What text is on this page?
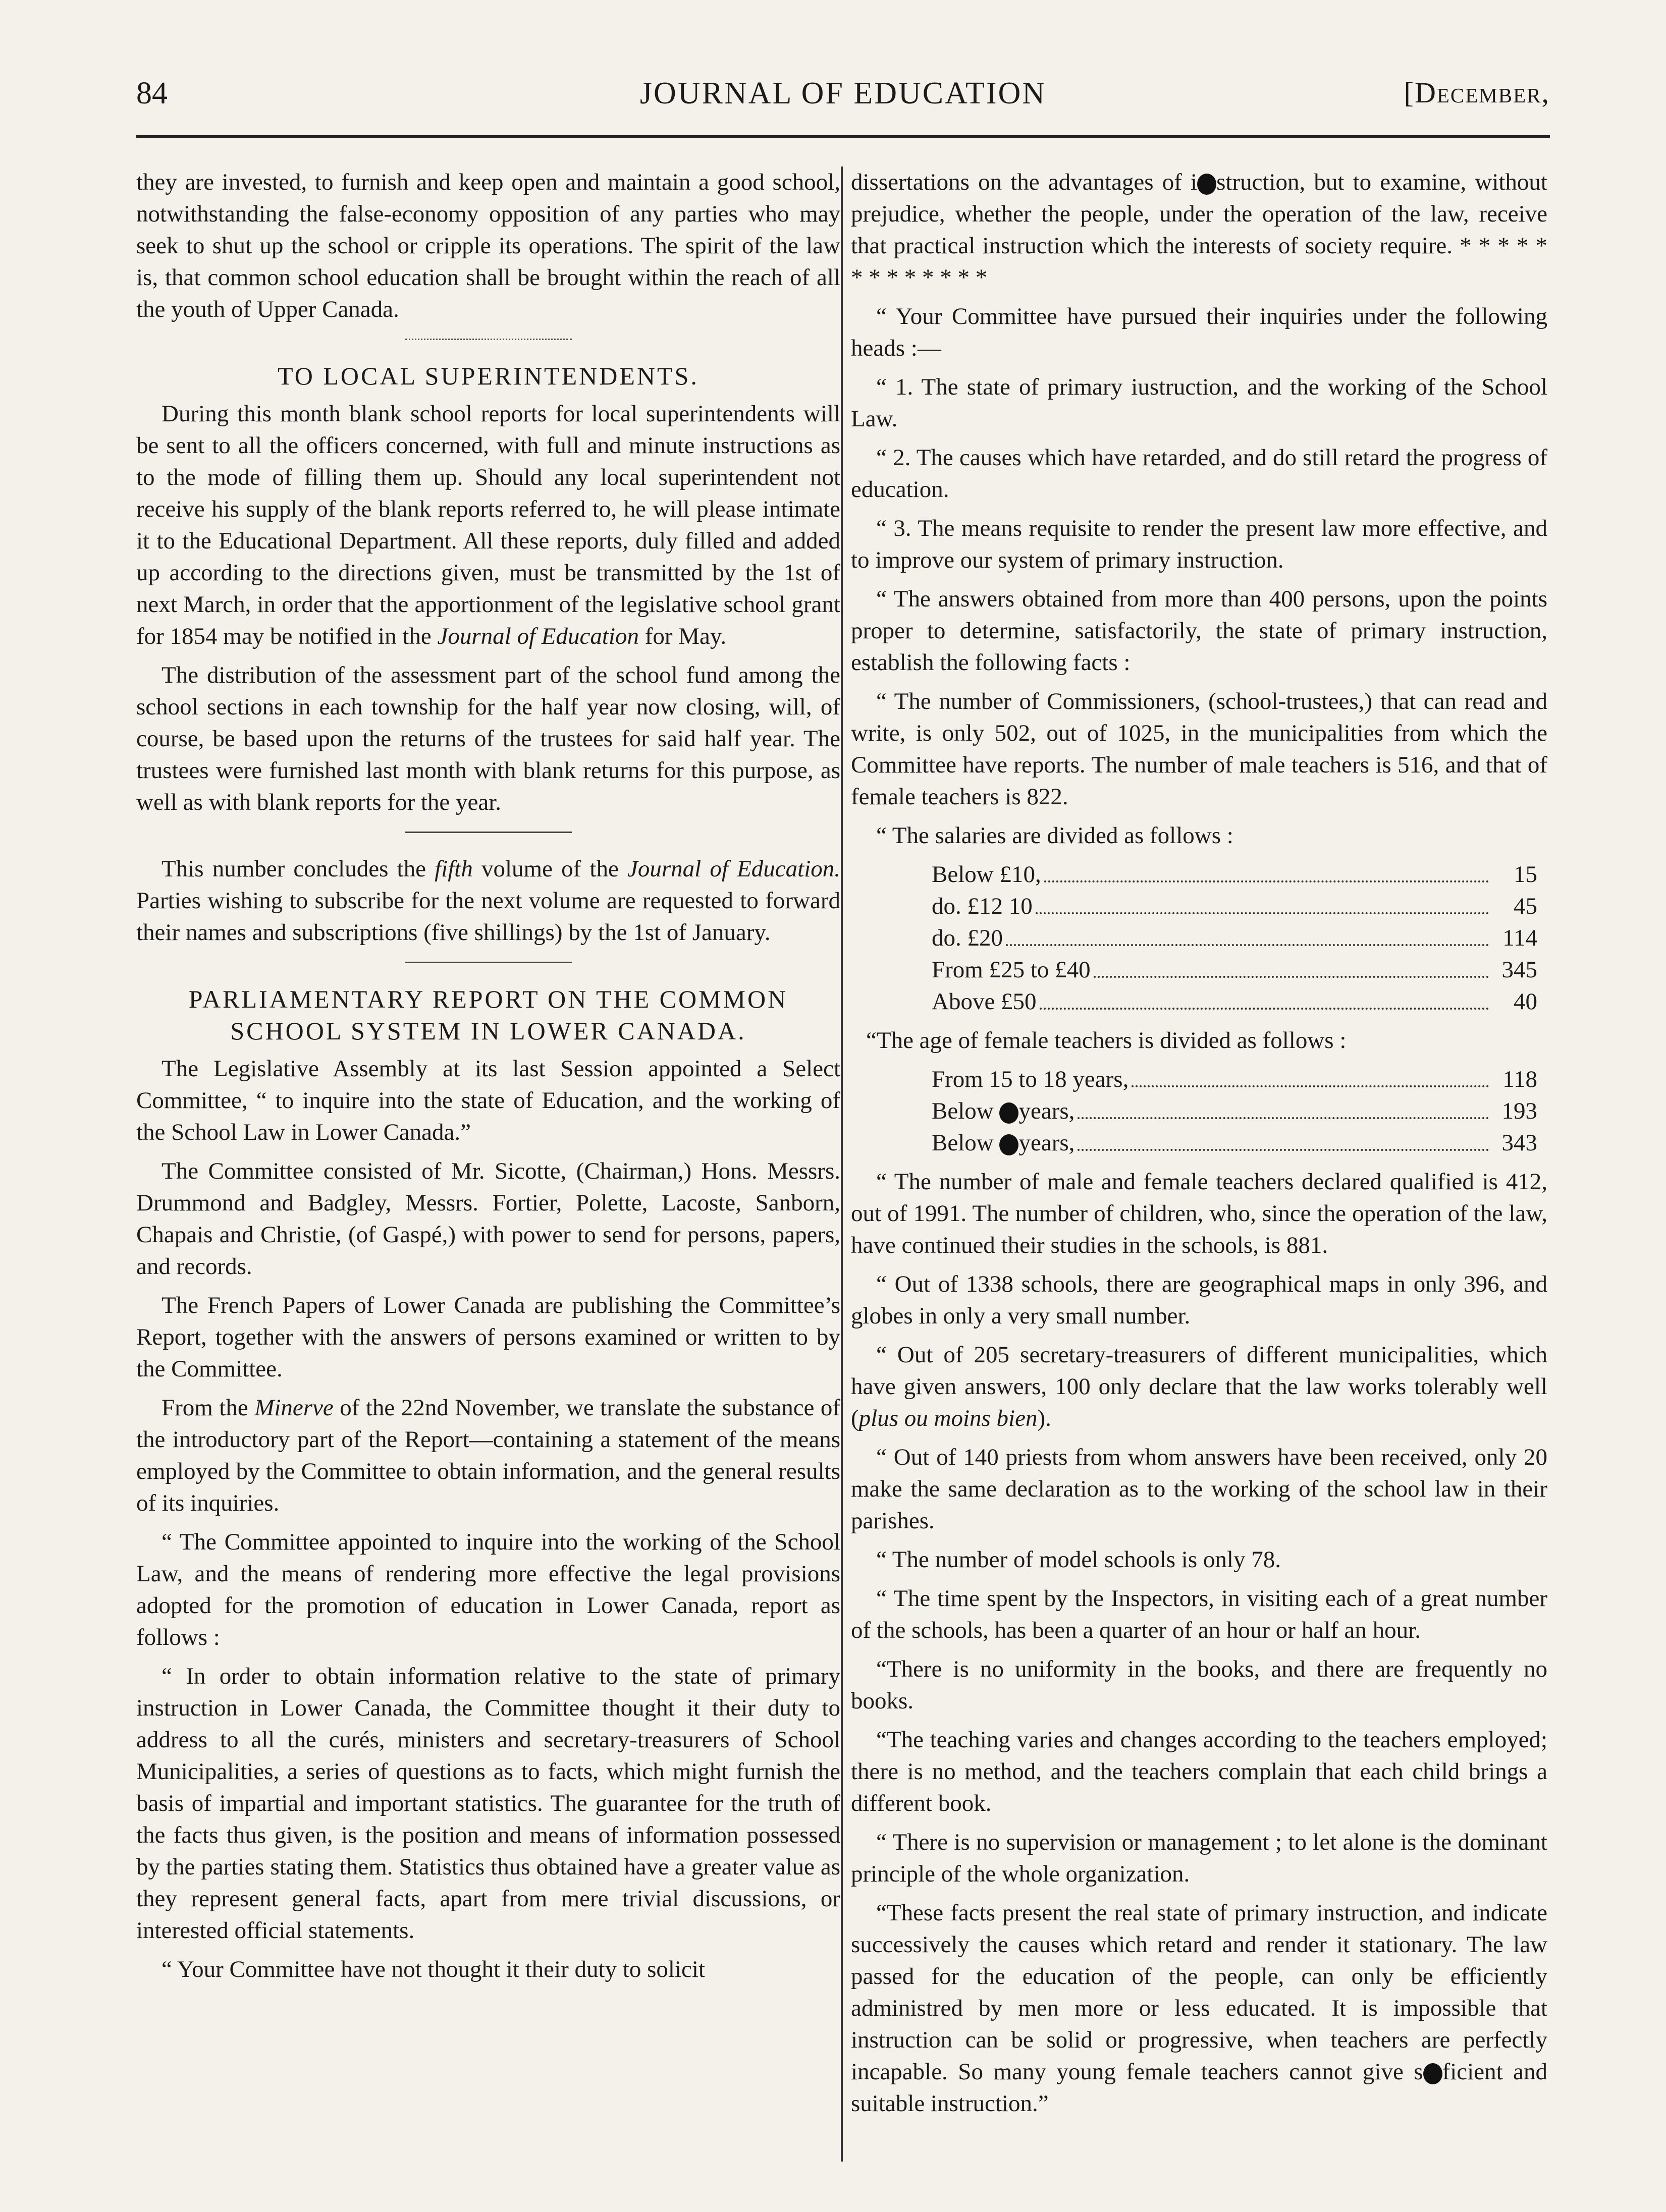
84	JOURNAL OF EDUCATION	[December,

they are invested, to furnish and keep open and maintain a good school, notwithstanding the false-economy opposition of any parties who may seek to shut up the school or cripple its operations. The spirit of the law is, that common school education shall be brought within the reach of all the youth of Upper Canada.

TO LOCAL SUPERINTENDENTS.

During this month blank school reports for local superintendents will be sent to all the officers concerned, with full and minute instructions as to the mode of filling them up. Should any local superintendent not receive his supply of the blank reports referred to, he will please intimate it to the Educational Department. All these reports, duly filled and added up according to the directions given, must be transmitted by the 1st of next March, in order that the apportionment of the legislative school grant for 1854 may be notified in the Journal of Education for May.

The distribution of the assessment part of the school fund among the school sections in each township for the half year now closing, will, of course, be based upon the returns of the trustees for said half year. The trustees were furnished last month with blank returns for this purpose, as well as with blank reports for the year.

This number concludes the fifth volume of the Journal of Education. Parties wishing to subscribe for the next volume are requested to forward their names and subscriptions (five shillings) by the 1st of January.

PARLIAMENTARY REPORT ON THE COMMON SCHOOL SYSTEM IN LOWER CANADA.

The Legislative Assembly at its last Session appointed a Select Committee, “ to inquire into the state of Education, and the working of the School Law in Lower Canada.”

The Committee consisted of Mr. Sicotte, (Chairman,) Hons. Messrs. Drummond and Badgley, Messrs. Fortier, Polette, Lacoste, Sanborn, Chapais and Christie, (of Gaspé,) with power to send for persons, papers, and records.

The French Papers of Lower Canada are publishing the Committee’s Report, together with the answers of persons examined or written to by the Committee.

From the Minerve of the 22nd November, we translate the substance of the introductory part of the Report—containing a statement of the means employed by the Committee to obtain information, and the general results of its inquiries.

“ The Committee appointed to inquire into the working of the School Law, and the means of rendering more effective the legal provisions adopted for the promotion of education in Lower Canada, report as follows :

“ In order to obtain information relative to the state of primary instruction in Lower Canada, the Committee thought it their duty to address to all the curés, ministers and secretary-treasurers of School Municipalities, a series of questions as to facts, which might furnish the basis of impartial and important statistics. The guarantee for the truth of the facts thus given, is the position and means of information possessed by the parties stating them. Statistics thus obtained have a greater value as they represent general facts, apart from mere trivial discussions, or interested official statements.

“ Your Committee have not thought it their duty to solicit

dissertations on the advantages of i struction, but to examine, without prejudice, whether the people, under the operation of the law, receive that practical instruction which the interests of society require. * * * * * * * * * * * * *

“ Your Committee have pursued their inquiries under the following heads :—

“ 1. The state of primary iustruction, and the working of the School Law.

“ 2. The causes which have retarded, and do still retard the progress of education.

“ 3. The means requisite to render the present law more effective, and to improve our system of primary instruction.

“ The answers obtained from more than 400 persons, upon the points proper to determine, satisfactorily, the state of primary instruction, establish the following facts :

“ The number of Commissioners, (school-trustees,) that can read and write, is only 502, out of 1025, in the municipalities from which the Committee have reports. The number of male teachers is 516, and that of female teachers is 822.

“ The salaries are divided as follows :

Below £10,	15
do. £12 10	45
do. £20	114
From £25 to £40	345
Above £50	40

“The age of female teachers is divided as follows :

From 15 to 18 years,	118
Below years,	193
Below years,	343

“ The number of male and female teachers declared qualified is 412, out of 1991. The number of children, who, since the operation of the law, have continued their studies in the schools, is 881.

“ Out of 1338 schools, there are geographical maps in only 396, and globes in only a very small number.

“ Out of 205 secretary-treasurers of different municipalities, which have given answers, 100 only declare that the law works tolerably well (plus ou moins bien).

“ Out of 140 priests from whom answers have been received, only 20 make the same declaration as to the working of the school law in their parishes.

“ The number of model schools is only 78.

“ The time spent by the Inspectors, in visiting each of a great number of the schools, has been a quarter of an hour or half an hour.

“There is no uniformity in the books, and there are frequently no books.

“The teaching varies and changes according to the teachers employed; there is no method, and the teachers complain that each child brings a different book.

“ There is no supervision or management ; to let alone is the dominant principle of the whole organization.

“These facts present the real state of primary instruction, and indicate successively the causes which retard and render it stationary. The law passed for the education of the people, can only be efficiently administred by men more or less educated. It is impossible that instruction can be solid or progressive, when teachers are perfectly incapable. So many young female teachers cannot give s ficient and suitable instruction.”
